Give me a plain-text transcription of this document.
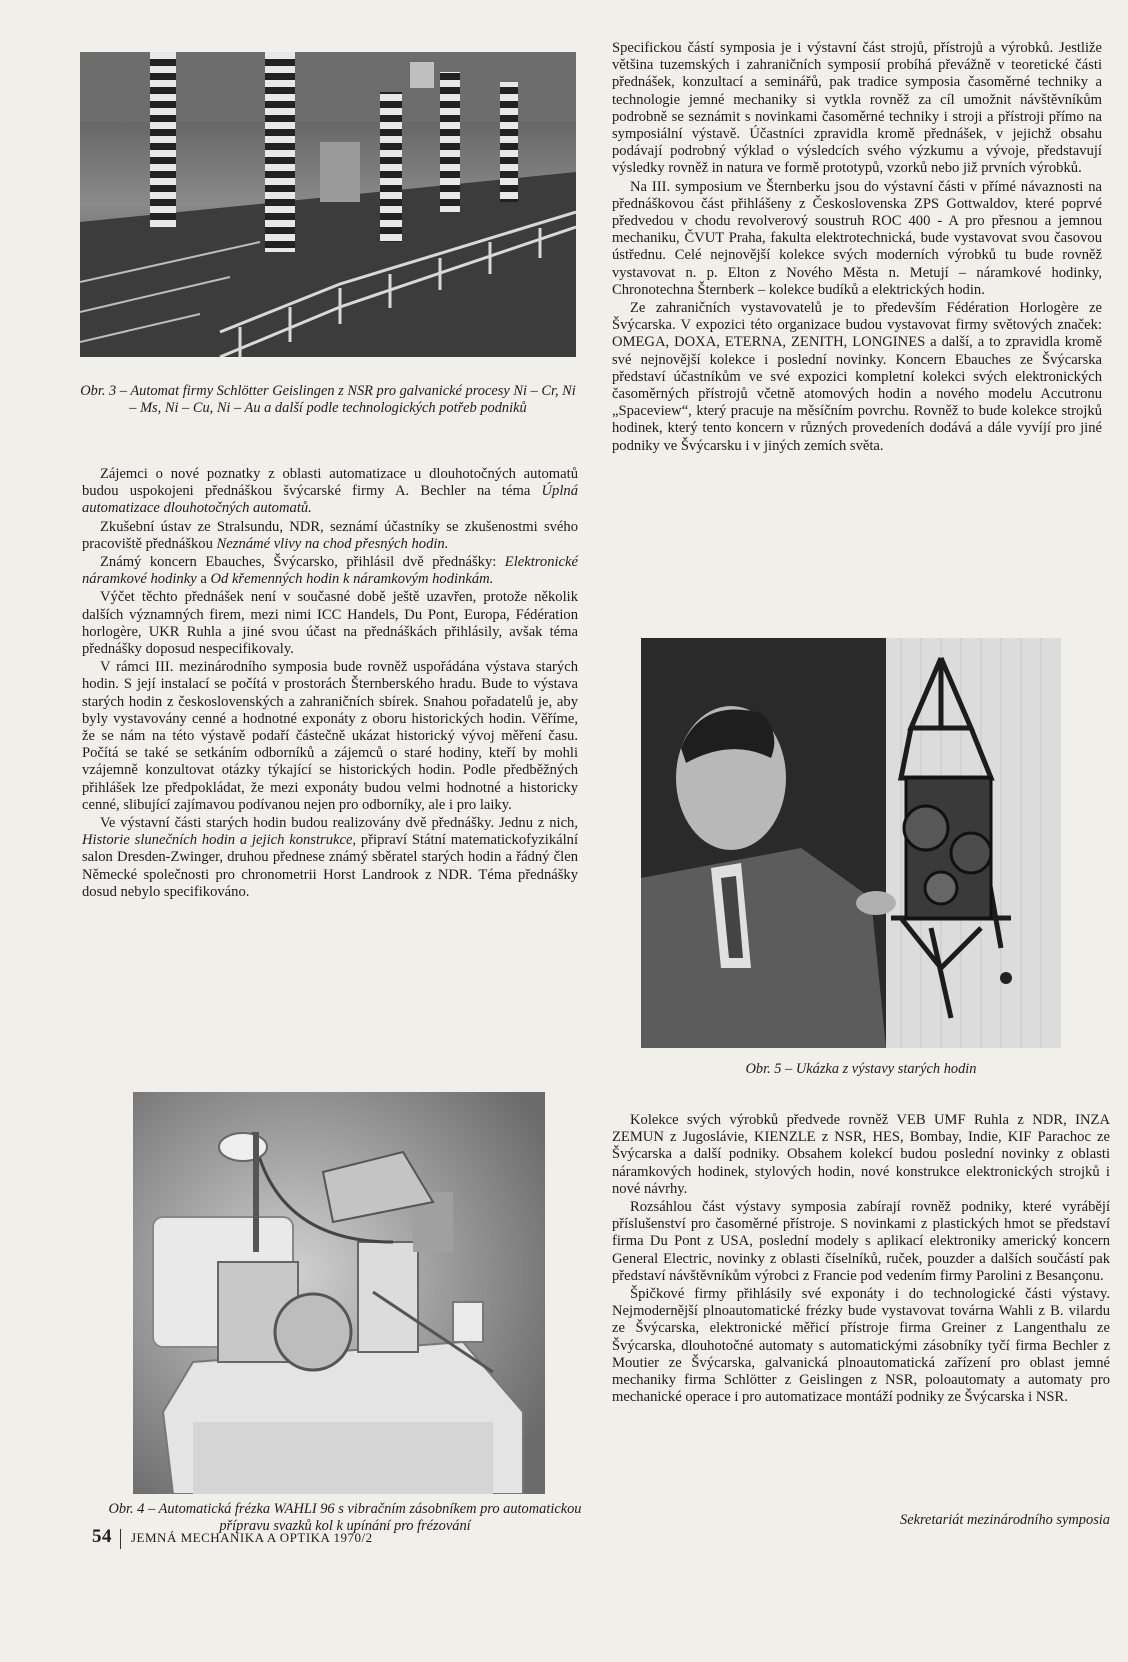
Obr. 3 – Automat firmy Schlötter Geislingen z NSR pro galvanické procesy Ni – Cr, Ni – Ms, Ni – Cu, Ni – Au a další podle technologických potřeb podniků

Zájemci o nové poznatky z oblasti automatizace u dlouhotočných automatů budou uspokojeni přednáškou švýcarské firmy A. Bechler na téma Úplná automatizace dlouhotočných automatů.

Zkušební ústav ze Stralsundu, NDR, seznámí účastníky se zkušenostmi svého pracoviště přednáškou Neznámé vlivy na chod přesných hodin.

Známý koncern Ebauches, Švýcarsko, přihlásil dvě přednášky: Elektronické náramkové hodinky a Od křemenných hodin k náramkovým hodinkám.

Výčet těchto přednášek není v současné době ještě uzavřen, protože několik dalších významných firem, mezi nimi ICC Handels, Du Pont, Europa, Fédération horlogère, UKR Ruhla a jiné svou účast na přednáškách přihlásily, avšak téma přednášky doposud nespecifikovaly.

V rámci III. mezinárodního symposia bude rovněž uspořádána výstava starých hodin. S její instalací se počítá v prostorách Šternberského hradu. Bude to výstava starých hodin z československých a zahraničních sbírek. Snahou pořadatelů je, aby byly vystavovány cenné a hodnotné exponáty z oboru historických hodin. Věříme, že se nám na této výstavě podaří částečně ukázat historický vývoj měření času. Počítá se také se setkáním odborníků a zájemců o staré hodiny, kteří by mohli vzájemně konzultovat otázky týkající se historických hodin. Podle předběžných přihlášek lze předpokládat, že mezi exponáty budou velmi hodnotné a historicky cenné, slibující zajímavou podívanou nejen pro odborníky, ale i pro laiky.

Ve výstavní části starých hodin budou realizovány dvě přednášky. Jednu z nich, Historie slunečních hodin a jejich konstrukce, připraví Státní matematickofyzikální salon Dresden-Zwinger, druhou přednese známý sběratel starých hodin a řádný člen Německé společnosti pro chronometrii Horst Landrook z NDR. Téma přednášky dosud nebylo specifikováno.

Obr. 4 – Automatická frézka WAHLI 96 s vibračním zásobníkem pro automatickou přípravu svazků kol k upínání pro frézování

Specifickou částí symposia je i výstavní část strojů, přístrojů a výrobků. Jestliže většina tuzemských i zahraničních symposií probíhá převážně v teoretické části přednášek, konzultací a seminářů, pak tradice symposia časoměrné techniky a technologie jemné mechaniky si vytkla rovněž za cíl umožnit návštěvníkům podrobně se seznámit s novinkami časoměrné techniky i stroji a přístroji přímo na symposiální výstavě. Účastníci zpravidla kromě přednášek, v jejichž obsahu podávají podrobný výklad o výsledcích svého výzkumu a vývoje, představují výsledky rovněž in natura ve formě prototypů, vzorků nebo již prvních výrobků.

Na III. symposium ve Šternberku jsou do výstavní části v přímé návaznosti na přednáškovou část přihlášeny z Československa ZPS Gottwaldov, které poprvé předvedou v chodu revolverový soustruh ROC 400 - A pro přesnou a jemnou mechaniku, ČVUT Praha, fakulta elektrotechnická, bude vystavovat svou časovou ústřednu. Celé nejnovější kolekce svých moderních výrobků tu bude rovněž vystavovat n. p. Elton z Nového Města n. Metují – náramkové hodinky, Chronotechna Šternberk – kolekce budíků a elektrických hodin.

Ze zahraničních vystavovatelů je to především Fédération Horlogère ze Švýcarska. V expozici této organizace budou vystavovat firmy světových značek: OMEGA, DOXA, ETERNA, ZENITH, LONGINES a další, a to zpravidla kromě své nejnovější kolekce i poslední novinky. Koncern Ebauches ze Švýcarska představí účastníkům ve své expozici kompletní kolekci svých elektronických časoměrných přístrojů včetně atomových hodin a nového modelu Accutronu „Spaceview“, který pracuje na měsíčním povrchu. Rovněž to bude kolekce strojků hodinek, který tento koncern v různých provedeních dodává a dále vyvíjí pro jiné podniky ve Švýcarsku i v jiných zemích světa.

Obr. 5 – Ukázka z výstavy starých hodin

Kolekce svých výrobků předvede rovněž VEB UMF Ruhla z NDR, INZA ZEMUN z Jugoslávie, KIENZLE z NSR, HES, Bombay, Indie, KIF Parachoc ze Švýcarska a další podniky. Obsahem kolekcí budou poslední novinky z oblasti náramkových hodinek, stylových hodin, nové konstrukce elektronických strojků i nové návrhy.

Rozsáhlou část výstavy symposia zabírají rovněž podniky, které vyrábějí příslušenství pro časoměrné přístroje. S novinkami z plastických hmot se představí firma Du Pont z USA, poslední modely s aplikací elektroniky americký koncern General Electric, novinky z oblasti číselníků, ruček, pouzder a dalších součástí pak představí návštěvníkům výrobci z Francie pod vedením firmy Parolini z Besançonu.

Špičkové firmy přihlásily své exponáty i do technologické části výstavy. Nejmodernější plnoautomatické frézky bude vystavovat továrna Wahli z B. vilardu ze Švýcarska, elektronické měřicí přístroje firma Greiner z Langenthalu ze Švýcarska, dlouhotočné automaty s automatickými zásobníky tyčí firma Bechler z Moutier ze Švýcarska, galvanická plnoautomatická zařízení pro oblast jemné mechaniky firma Schlötter z Geislingen z NSR, poloautomaty a automaty pro mechanické operace i pro automatizace montáží podniky ze Švýcarska i NSR.

Sekretariát mezinárodního symposia
54 JEMNÁ MECHANIKA A OPTIKA 1970/2
